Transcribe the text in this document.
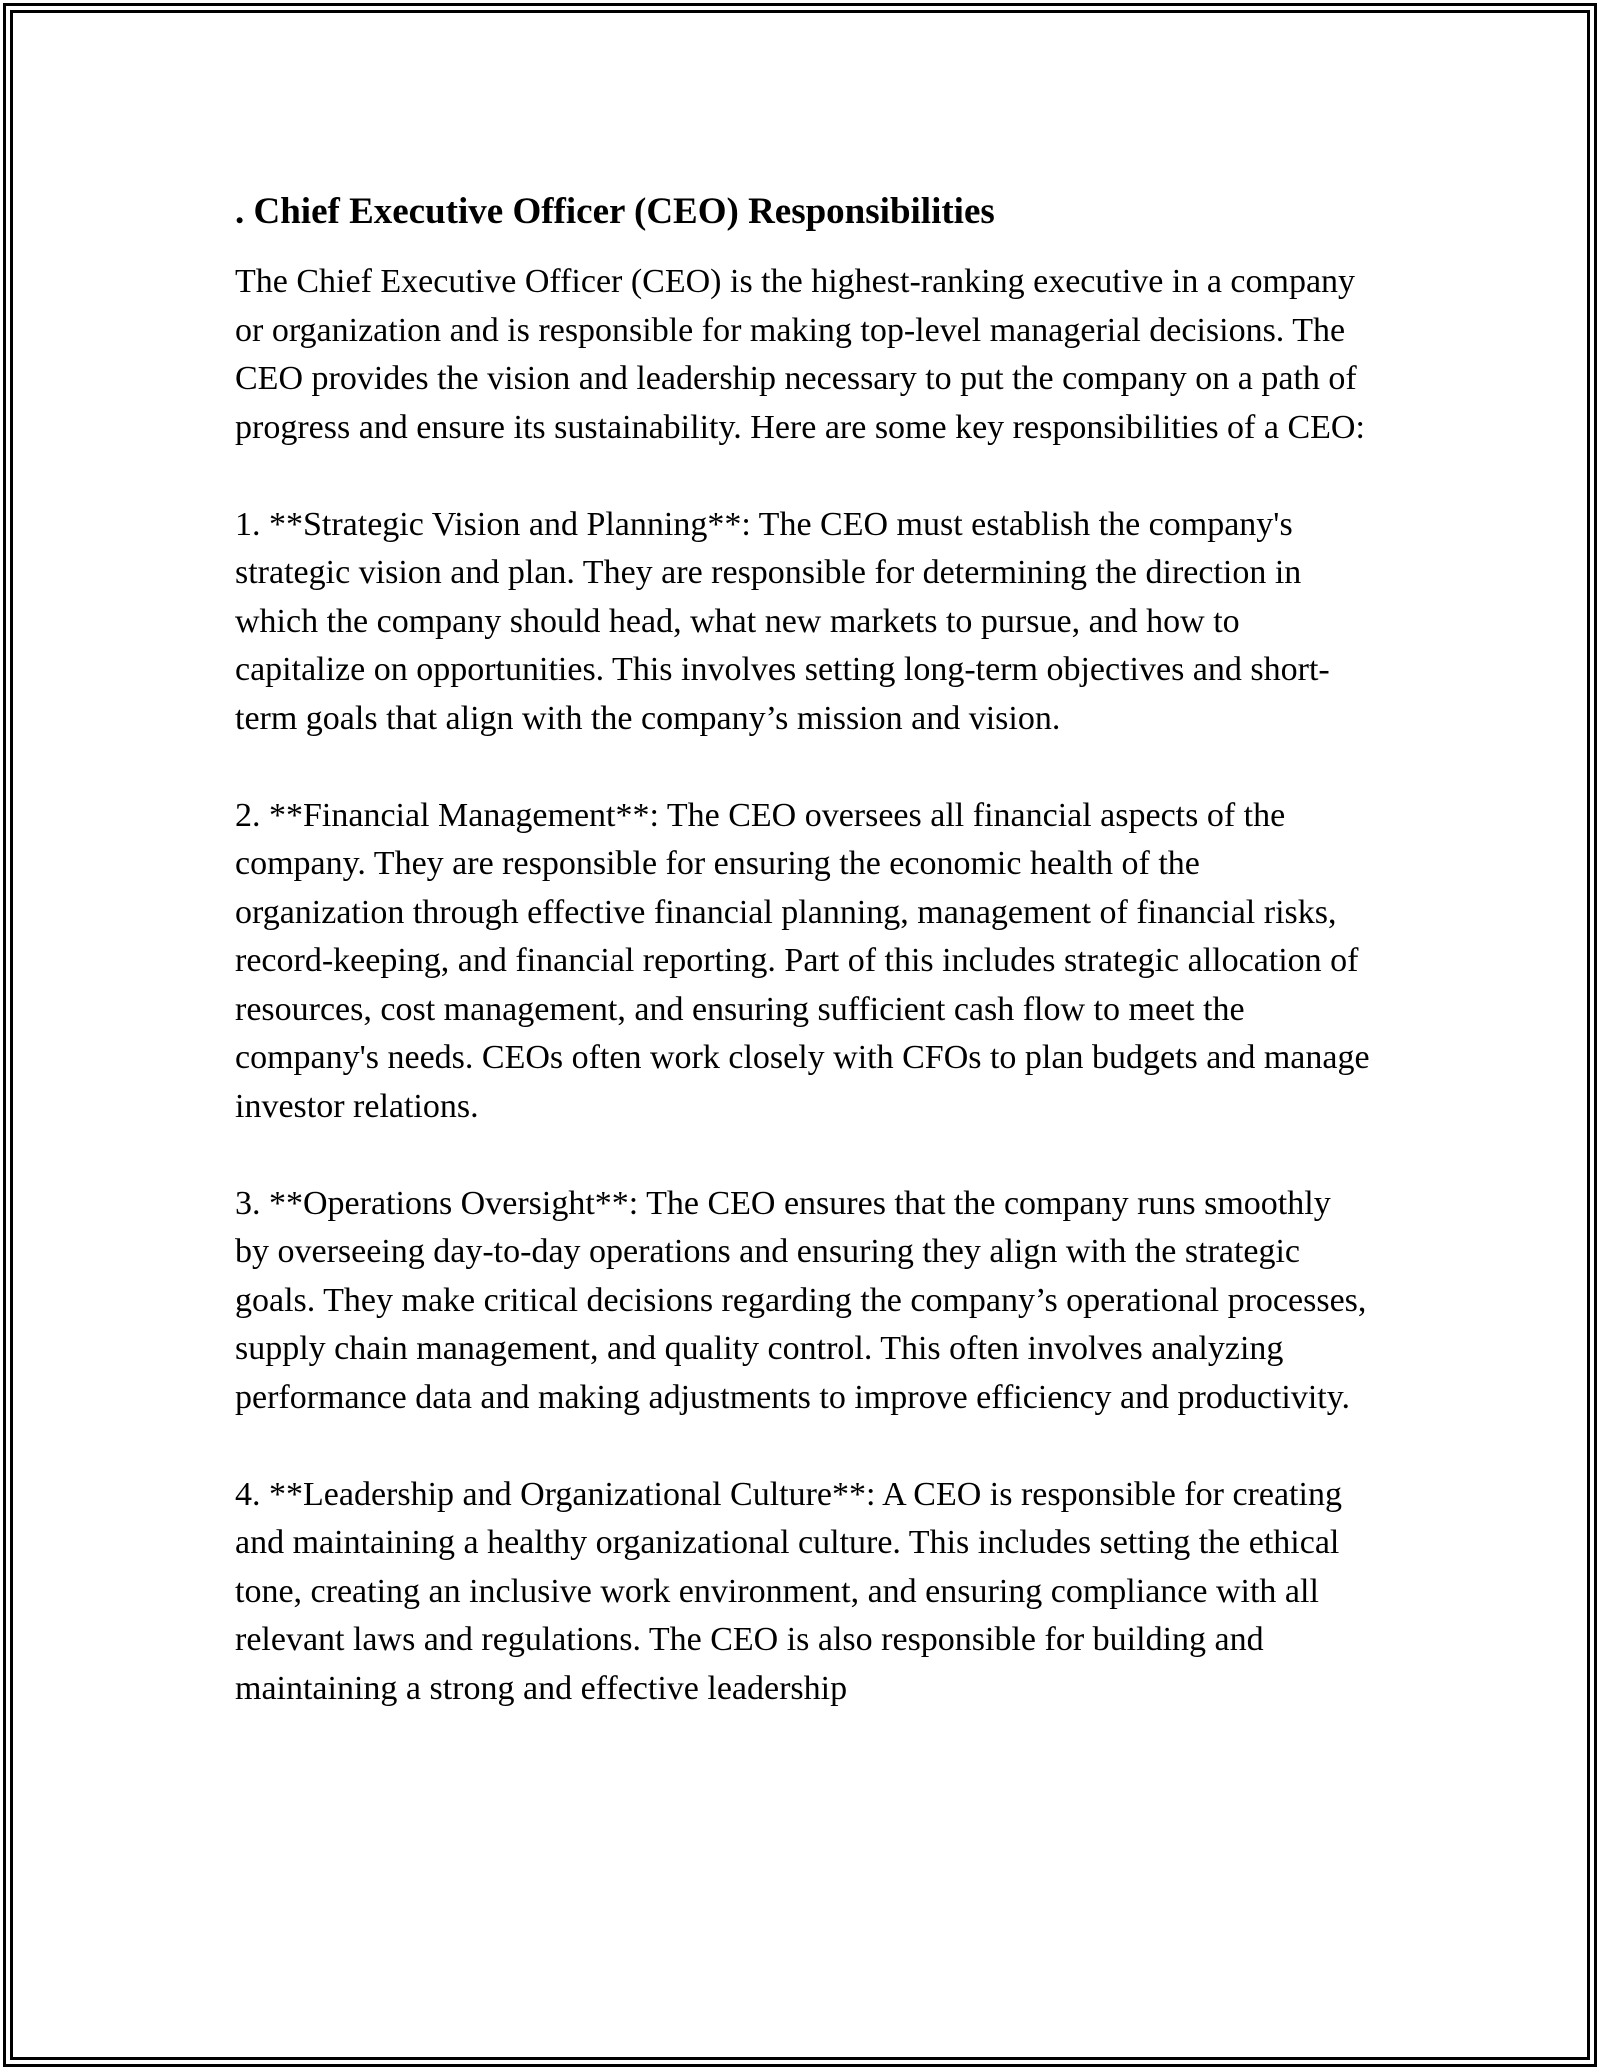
. Chief Executive Officer (CEO) Responsibilities

The Chief Executive Officer (CEO) is the highest-ranking executive in a company or organization and is responsible for making top-level managerial decisions. The CEO provides the vision and leadership necessary to put the company on a path of progress and ensure its sustainability. Here are some key responsibilities of a CEO:

1. **Strategic Vision and Planning**: The CEO must establish the company's strategic vision and plan. They are responsible for determining the direction in which the company should head, what new markets to pursue, and how to capitalize on opportunities. This involves setting long-term objectives and short-term goals that align with the company’s mission and vision.

2. **Financial Management**: The CEO oversees all financial aspects of the company. They are responsible for ensuring the economic health of the organization through effective financial planning, management of financial risks, record-keeping, and financial reporting. Part of this includes strategic allocation of resources, cost management, and ensuring sufficient cash flow to meet the company's needs. CEOs often work closely with CFOs to plan budgets and manage investor relations.

3. **Operations Oversight**: The CEO ensures that the company runs smoothly by overseeing day-to-day operations and ensuring they align with the strategic goals. They make critical decisions regarding the company’s operational processes, supply chain management, and quality control. This often involves analyzing performance data and making adjustments to improve efficiency and productivity.

4. **Leadership and Organizational Culture**: A CEO is responsible for creating and maintaining a healthy organizational culture. This includes setting the ethical tone, creating an inclusive work environment, and ensuring compliance with all relevant laws and regulations. The CEO is also responsible for building and maintaining a strong and effective leadership
